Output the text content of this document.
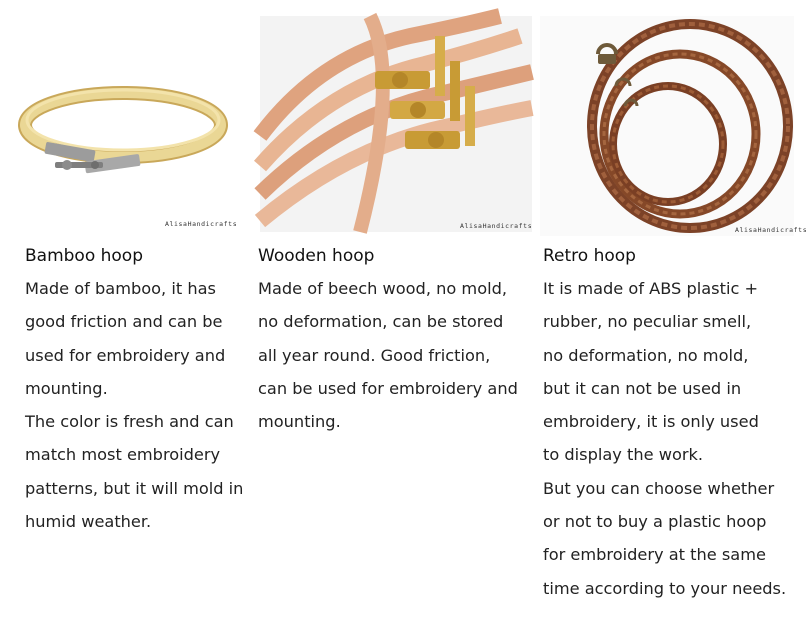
AlisaHandicrafts
Bamboo hoop
Made of bamboo, it has
good friction and can be
used for embroidery and
mounting.
The color is fresh and can
match most embroidery
patterns, but it will mold in
humid weather.
AlisaHandicrafts
Wooden hoop
Made of beech wood, no mold,
no deformation, can be stored
all year round. Good friction,
can be used for embroidery and
mounting.
AlisaHandicrafts
Retro hoop
It is made of ABS plastic +
rubber, no peculiar smell,
no deformation, no mold,
but it can not be used in
embroidery, it is only used
to display the work.
But you can choose whether
or not to buy a plastic hoop
for embroidery at the same
time according to your needs.
